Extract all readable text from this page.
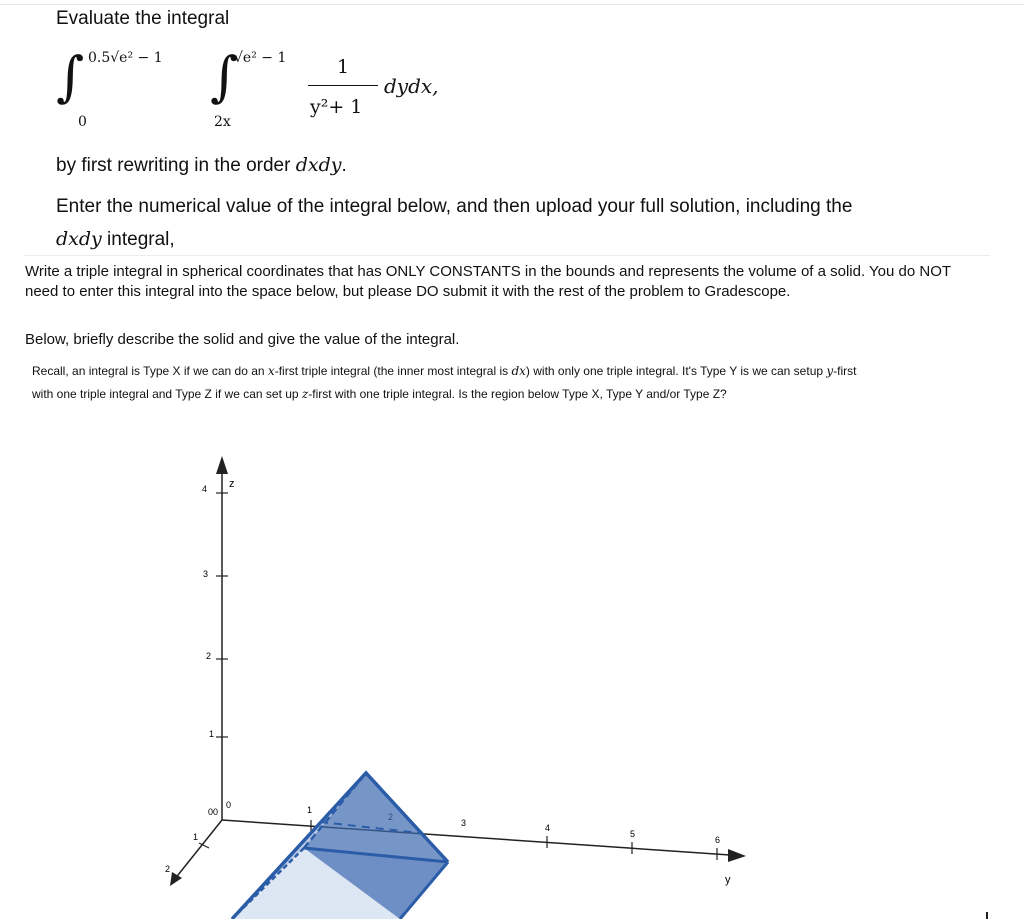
Evaluate the integral
∫ 0.5√e² − 1
0
∫
√e² − 1
2x
1
y²+ 1
dydx,
by first rewriting in the order dxdy.
Enter the numerical value of the integral below, and then upload your full solution, including the
dxdy integral,
Write a triple integral in spherical coordinates that has ONLY CONSTANTS in the bounds and represents the volume of a solid. You do NOT need to enter this integral into the space below, but please DO submit it with the rest of the problem to Gradescope.
Below, briefly describe the solid and give the value of the integral.
Recall, an integral is Type X if we can do an x-first triple integral (the inner most integral is dx) with only one triple integral. It's Type Y is we can setup y-first
with one triple integral and Type Z if we can set up z-first with one triple integral. Is the region below Type X, Type Y and/or Type Z?
z
4
3
2
1
y
1
3	4
5
6
1
2
00
0
